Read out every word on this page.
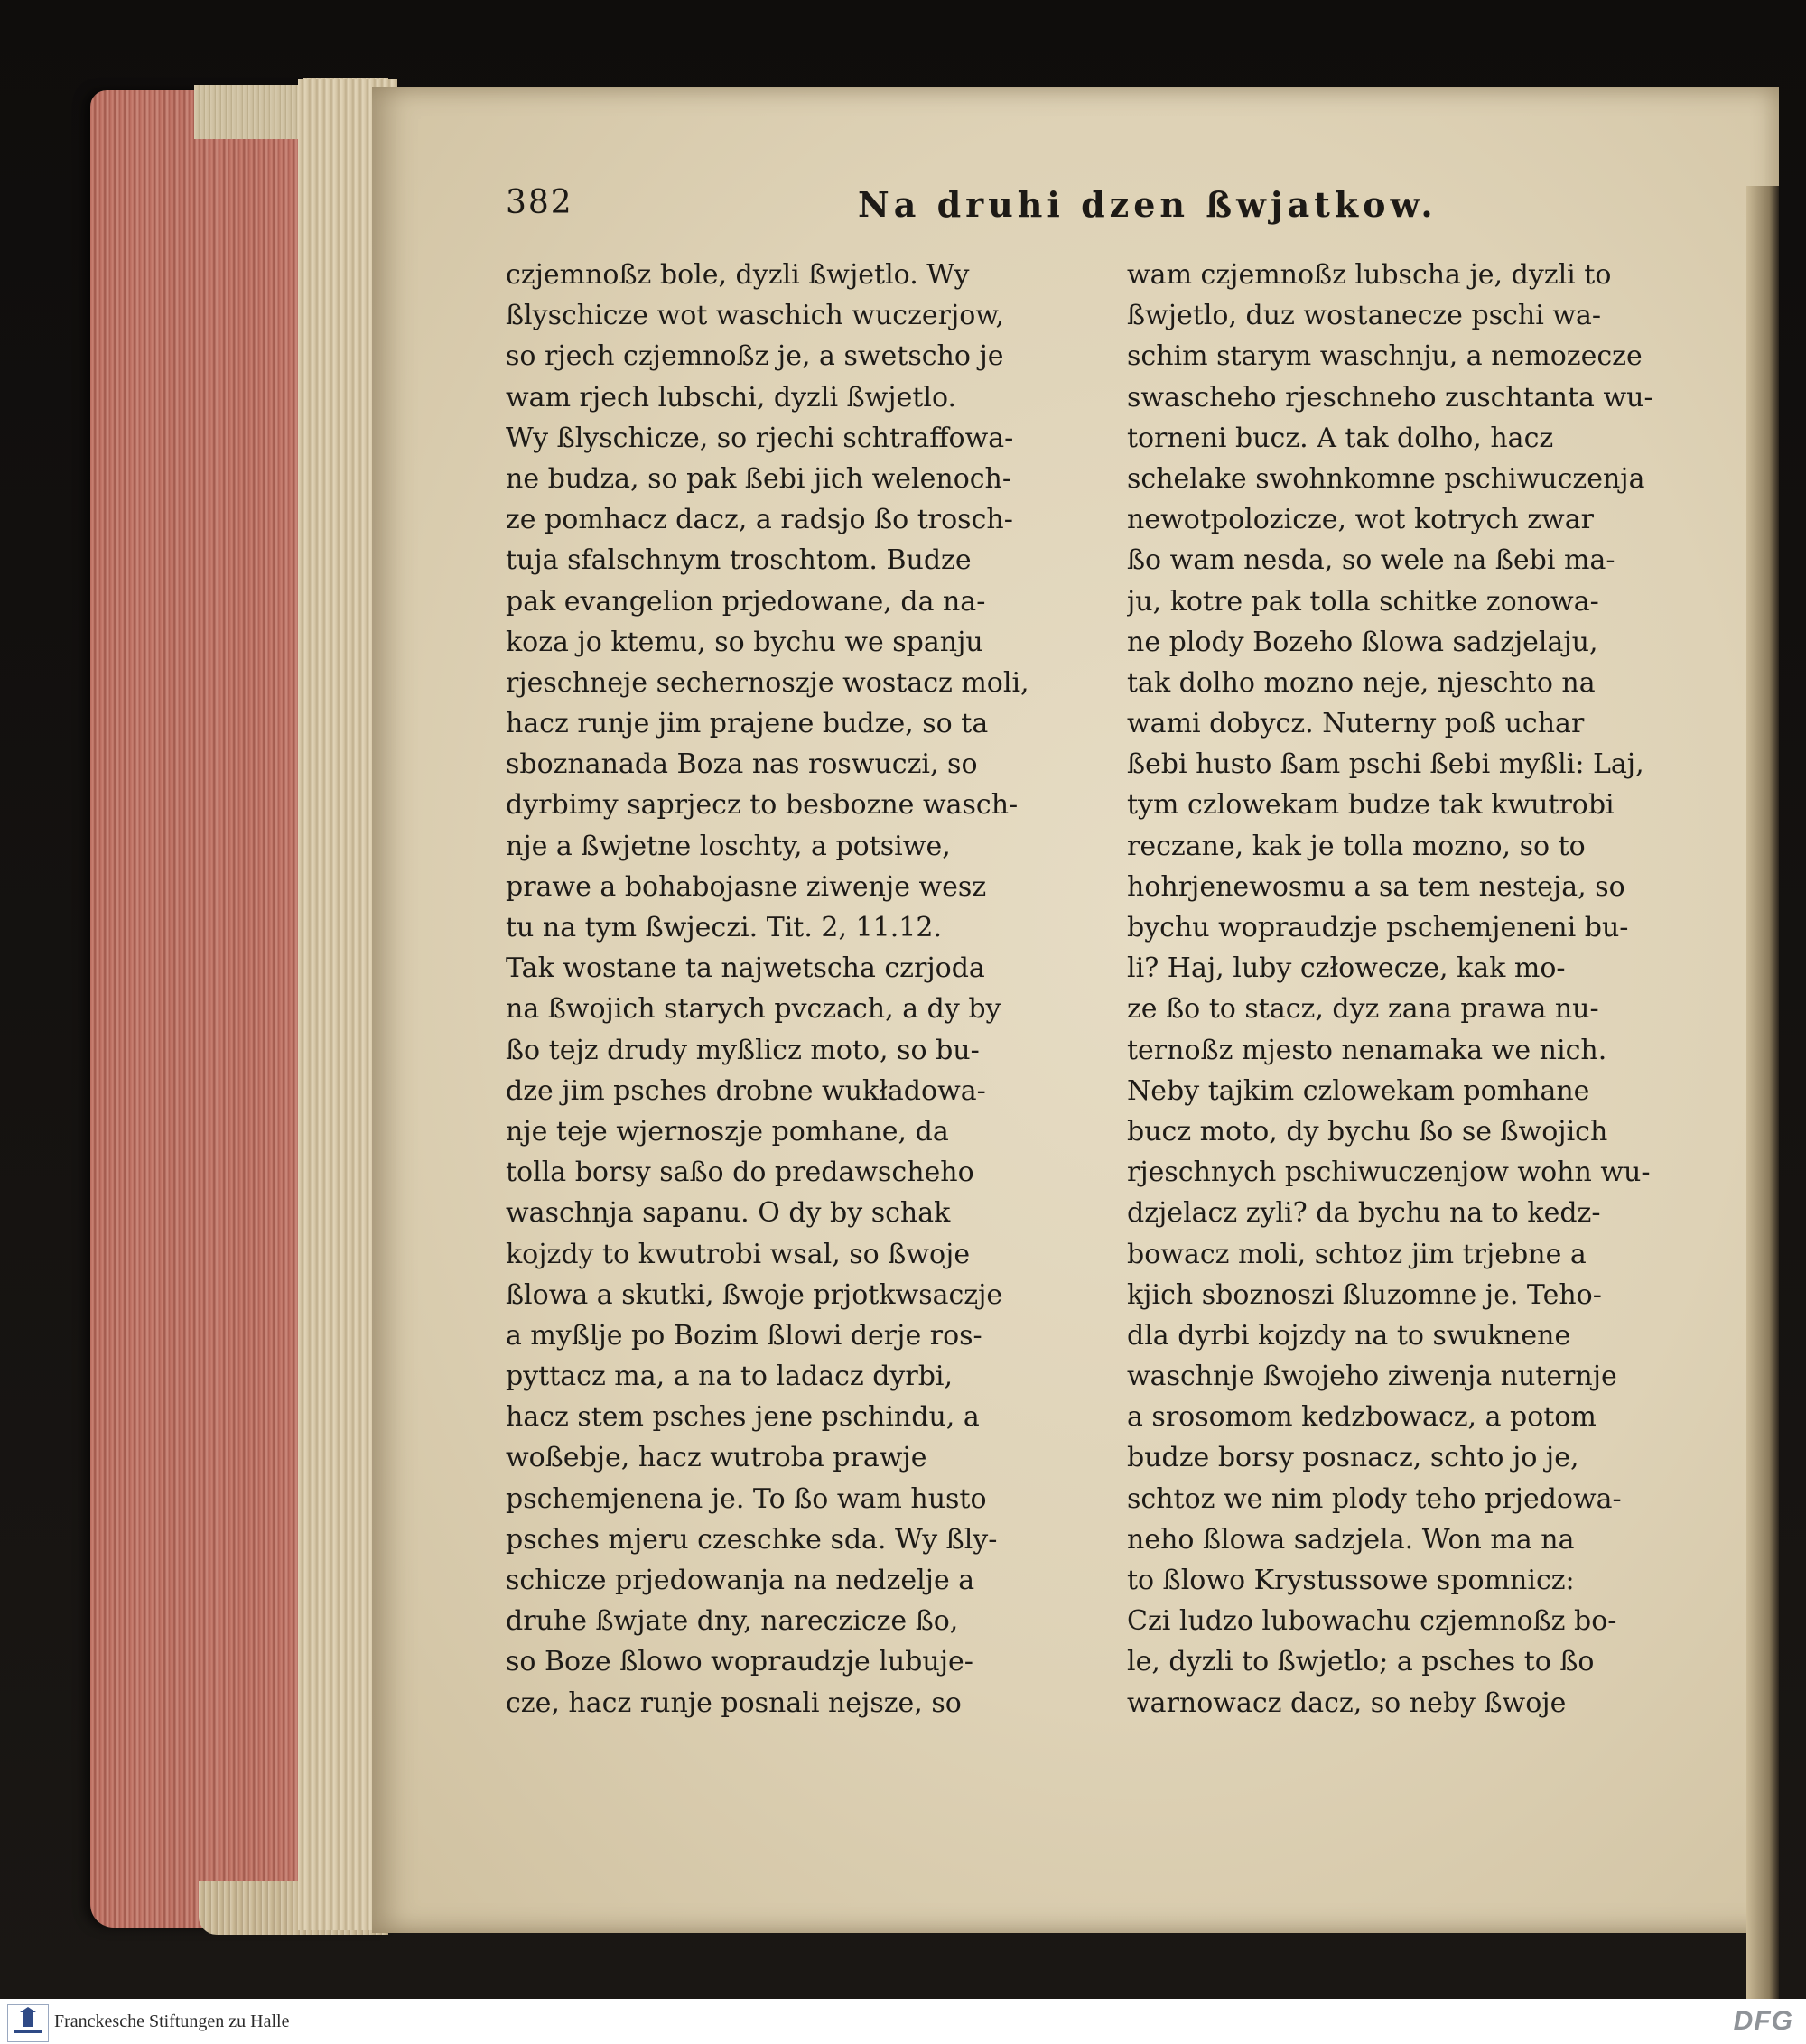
382	Na druhi dzen ßwjatkow.
czjemnoßz bole, dyzli ßwjetlo. Wy
ßlyschicze wot waschich wuczerjow,
so rjech czjemnoßz je, a swetscho je
wam rjech lubschi, dyzli ßwjetlo.
Wy ßlyschicze, so rjechi schtraffowa-
ne budza, so pak ßebi jich welenoch-
ze pomhacz dacz, a radsjo ßo trosch-
tuja sfalschnym troschtom. Budze
pak evangelion prjedowane, da na-
koza jo ktemu, so bychu we spanju
rjeschneje sechernoszje wostacz moli,
hacz runje jim prajene budze, so ta
sboznanada Boza nas roswuczi, so
dyrbimy saprjecz to besbozne wasch-
nje a ßwjetne loschty, a potsiwe,
prawe a bohabojasne ziwenje wesz
tu na tym ßwjeczi. Tit. 2, 11.12.
Tak wostane ta najwetscha czrjoda
na ßwojich starych pvczach, a dy by
ßo tejz drudy myßlicz moto, so bu-
dze jim psches drobne wukładowa-
nje teje wjernoszje pomhane, da
tolla borsy saßo do predawscheho
waschnja sapanu. O dy by schak
kojzdy to kwutrobi wsal, so ßwoje
ßlowa a skutki, ßwoje prjotkwsaczje
a myßlje po Bozim ßlowi derje ros-
pyttacz ma, a na to ladacz dyrbi,
hacz stem psches jene pschindu, a
woßebje, hacz wutroba prawje
pschemjenena je. To ßo wam husto
psches mjeru czeschke sda. Wy ßly-
schicze prjedowanja na nedzelje a
druhe ßwjate dny, nareczicze ßo,
so Boze ßlowo wopraudzje lubuje-
cze, hacz runje posnali nejsze, so
wam czjemnoßz lubscha je, dyzli to
ßwjetlo, duz wostanecze pschi wa-
schim starym waschnju, a nemozecze
swascheho rjeschneho zuschtanta wu-
torneni bucz. A tak dolho, hacz
schelake swohnkomne pschiwuczenja
newotpolozicze, wot kotrych zwar
ßo wam nesda, so wele na ßebi ma-
ju, kotre pak tolla schitke zonowa-
ne plody Bozeho ßlowa sadzjelaju,
tak dolho mozno neje, njeschto na
wami dobycz. Nuterny poß uchar
ßebi husto ßam pschi ßebi myßli: Laj,
tym czlowekam budze tak kwutrobi
reczane, kak je tolla mozno, so to
hohrjenewosmu a sa tem nesteja, so
bychu wopraudzje pschemjeneni bu-
li? Haj, luby człowecze, kak mo-
ze ßo to stacz, dyz zana prawa nu-
ternoßz mjesto nenamaka we nich.
Neby tajkim czlowekam pomhane
bucz moto, dy bychu ßo se ßwojich
rjeschnych pschiwuczenjow wohn wu-
dzjelacz zyli? da bychu na to kedz-
bowacz moli, schtoz jim trjebne a
kjich sboznoszi ßluzomne je. Teho-
dla dyrbi kojzdy na to swuknene
waschnje ßwojeho ziwenja nuternje
a srosomom kedzbowacz, a potom
budze borsy posnacz, schto jo je,
schtoz we nim plody teho prjedowa-
neho ßlowa sadzjela. Won ma na
to ßlowo Krystussowe spomnicz:
Czi ludzo lubowachu czjemnoßz bo-
le, dyzli to ßwjetlo; a psches to ßo
warnowacz dacz, so neby ßwoje
Franckesche Stiftungen zu Halle	DFG
